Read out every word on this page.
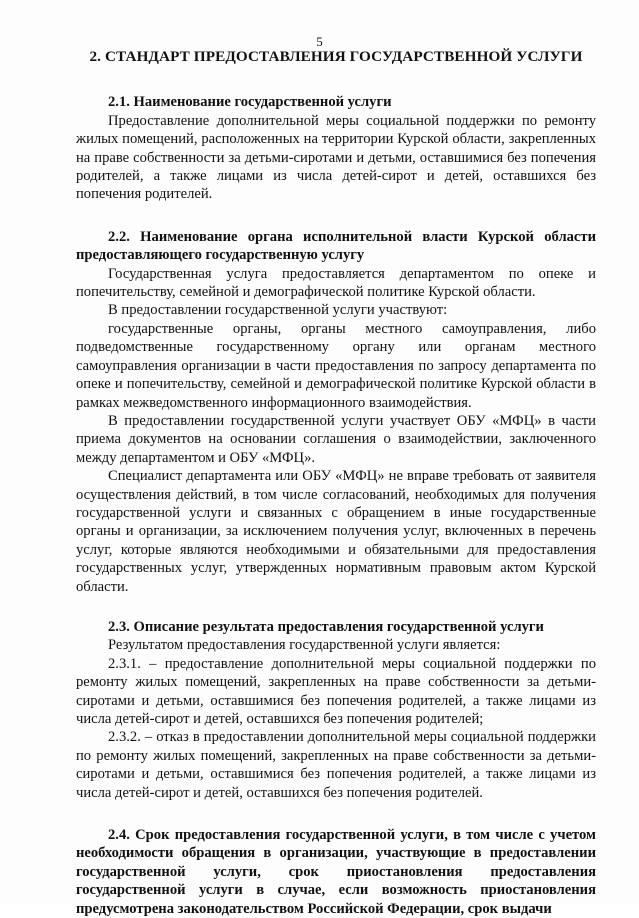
5
2. СТАНДАРТ ПРЕДОСТАВЛЕНИЯ ГОСУДАРСТВЕННОЙ УСЛУГИ

2.1. Наименование государственной услуги

Предоставление дополнительной меры социальной поддержки по ремонту жилых помещений, расположенных на территории Курской области, закрепленных на праве собственности за детьми-сиротами и детьми, оставшимися без попечения родителей, а также лицами из числа детей-сирот и детей, оставшихся без попечения родителей.

2.2. Наименование органа исполнительной власти Курской области предоставляющего государственную услугу

Государственная услуга предоставляется департаментом по опеке и попечительству, семейной и демографической политике Курской области.

В предоставлении государственной услуги участвуют:

государственные органы, органы местного самоуправления, либо подведомственные государственному органу или органам местного самоуправления организации в части предоставления по запросу департамента по опеке и попечительству, семейной и демографической политике Курской области в рамках межведомственного информационного взаимодействия.

В предоставлении государственной услуги участвует ОБУ «МФЦ» в части приема документов на основании соглашения о взаимодействии, заключенного между департаментом и ОБУ «МФЦ».

Специалист департамента или ОБУ «МФЦ» не вправе требовать от заявителя осуществления действий, в том числе согласований, необходимых для получения государственной услуги и связанных с обращением в иные государственные органы и организации, за исключением получения услуг, включенных в перечень услуг, которые являются необходимыми и обязательными для предоставления государственных услуг, утвержденных нормативным правовым актом Курской области.

2.3. Описание результата предоставления государственной услуги

Результатом предоставления государственной услуги является:

2.3.1. – предоставление дополнительной меры социальной поддержки по ремонту жилых помещений, закрепленных на праве собственности за детьми-сиротами и детьми, оставшимися без попечения родителей, а также лицами из числа детей-сирот и детей, оставшихся без попечения родителей;

2.3.2. – отказ в предоставлении дополнительной меры социальной поддержки по ремонту жилых помещений, закрепленных на праве собственности за детьми-сиротами и детьми, оставшимися без попечения родителей, а также лицами из числа детей-сирот и детей, оставшихся без попечения родителей.

2.4. Срок предоставления государственной услуги, в том числе с учетом необходимости обращения в организации, участвующие в предоставлении государственной услуги, срок приостановления предоставления государственной услуги в случае, если возможность приостановления предусмотрена законодательством Российской Федерации, срок выдачи
